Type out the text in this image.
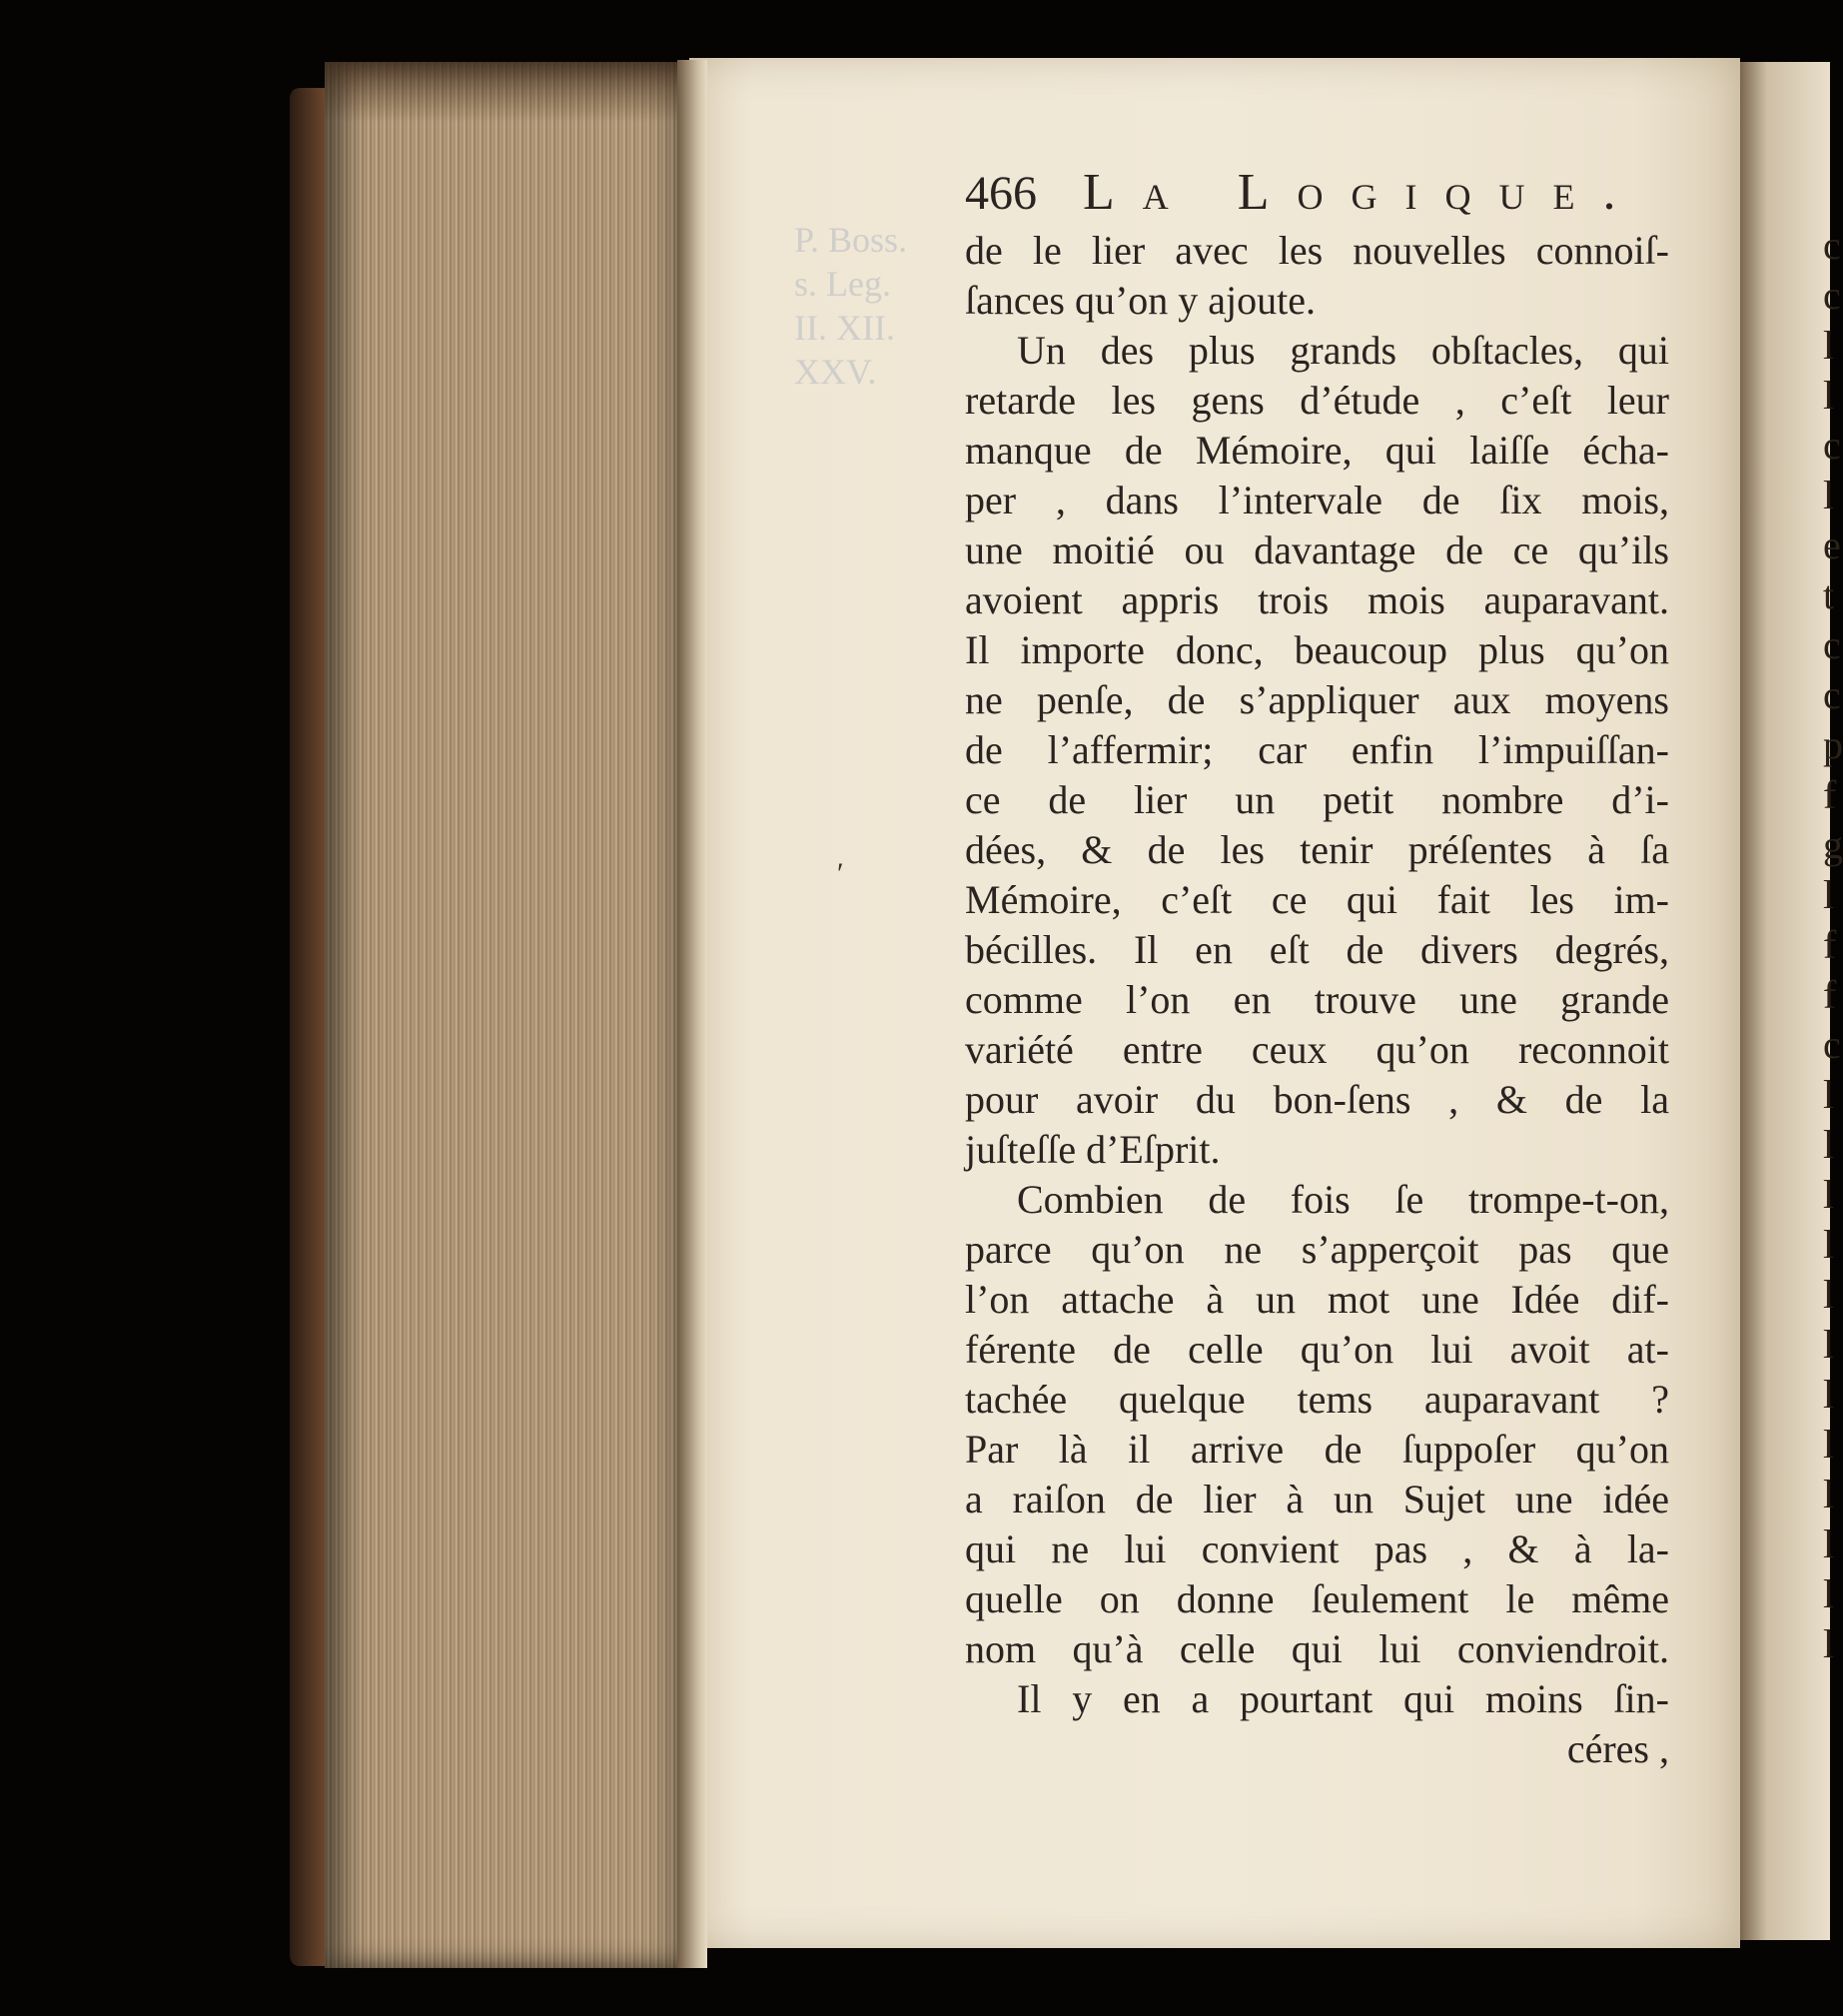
P. Boss.
s. Leg.
II. XII.
XXV.
c
c
l
l
c
l
e
t
c
c
p
f
g
l
f
f
c
l
l
l
l
l
l
l
l
l
l
l
l
466 La Logique.
de le lier avec les nouvelles connoiſ-
ſances qu’on y ajoute.
Un des plus grands obſtacles, qui
retarde les gens d’étude , c’eſt leur
manque de Mémoire, qui laiſſe écha-
per , dans l’intervale de ſix mois,
une moitié ou davantage de ce qu’ils
avoient appris trois mois auparavant.
Il importe donc, beaucoup plus qu’on
ne penſe, de s’appliquer aux moyens
de l’affermir; car enfin l’impuiſſan-
ce de lier un petit nombre d’i-
dées, & de les tenir préſentes à ſa
Mémoire, c’eſt ce qui fait les im-
bécilles. Il en eſt de divers degrés,
comme l’on en trouve une grande
variété entre ceux qu’on reconnoit
pour avoir du bon-ſens , & de la
juſteſſe d’Eſprit.
Combien de fois ſe trompe-t-on,
parce qu’on ne s’apperçoit pas que
l’on attache à un mot une Idée dif-
férente de celle qu’on lui avoit at-
tachée quelque tems auparavant ?
Par là il arrive de ſuppoſer qu’on
a raiſon de lier à un Sujet une idée
qui ne lui convient pas , & à la-
quelle on donne ſeulement le même
nom qu’à celle qui lui conviendroit.
Il y en a pourtant qui moins ſin-
céres ,
ʹ
